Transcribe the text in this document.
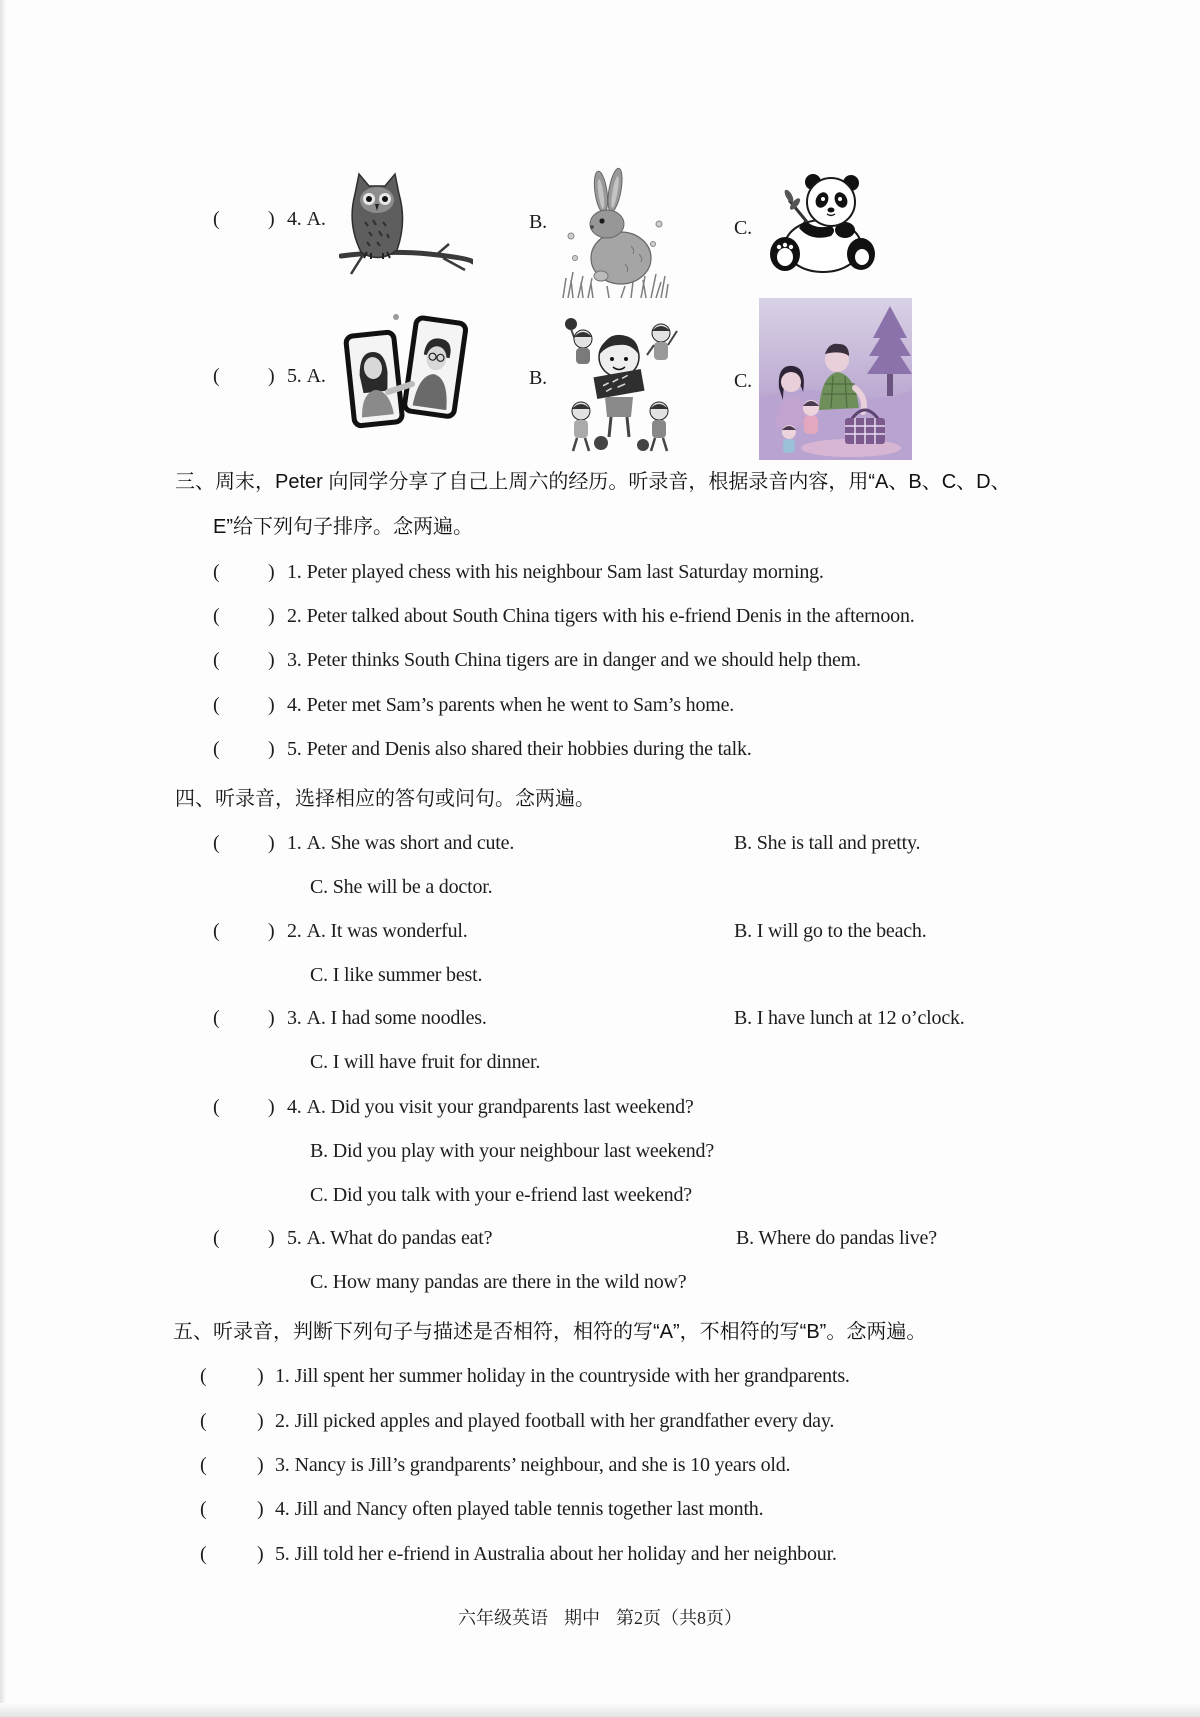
( ) 4. A.	B.	C.
( ) 5. A.	B.	C.
三、周末，Peter 向同学分享了自己上周六的经历。听录音，根据录音内容，用“A、B、C、D、
E”给下列句子排序。念两遍。
( ) 1. Peter played chess with his neighbour Sam last Saturday morning.
( ) 2. Peter talked about South China tigers with his e-friend Denis in the afternoon.
( ) 3. Peter thinks South China tigers are in danger and we should help them.
( ) 4. Peter met Sam’s parents when he went to Sam’s home.
( ) 5. Peter and Denis also shared their hobbies during the talk.
四、听录音，选择相应的答句或问句。念两遍。
( ) 1. A. She was short and cute.	B. She is tall and pretty.
C. She will be a doctor.
( ) 2. A. It was wonderful.	B. I will go to the beach.
C. I like summer best.
( ) 3. A. I had some noodles.	B. I have lunch at 12 o’clock.
C. I will have fruit for dinner.
( ) 4. A. Did you visit your grandparents last weekend?
B. Did you play with your neighbour last weekend?
C. Did you talk with your e-friend last weekend?
( ) 5. A. What do pandas eat?	B. Where do pandas live?
C. How many pandas are there in the wild now?
五、听录音，判断下列句子与描述是否相符，相符的写“A”，不相符的写“B”。念两遍。
(	) 1. Jill spent her summer holiday in the countryside with her grandparents.
(	) 2. Jill picked apples and played football with her grandfather every day.
(	) 3. Nancy is Jill’s grandparents’ neighbour, and she is 10 years old.
(	) 4. Jill and Nancy often played table tennis together last month.
(	) 5. Jill told her e-friend in Australia about her holiday and her neighbour.
六年级英语 期中 第2页（共8页）
